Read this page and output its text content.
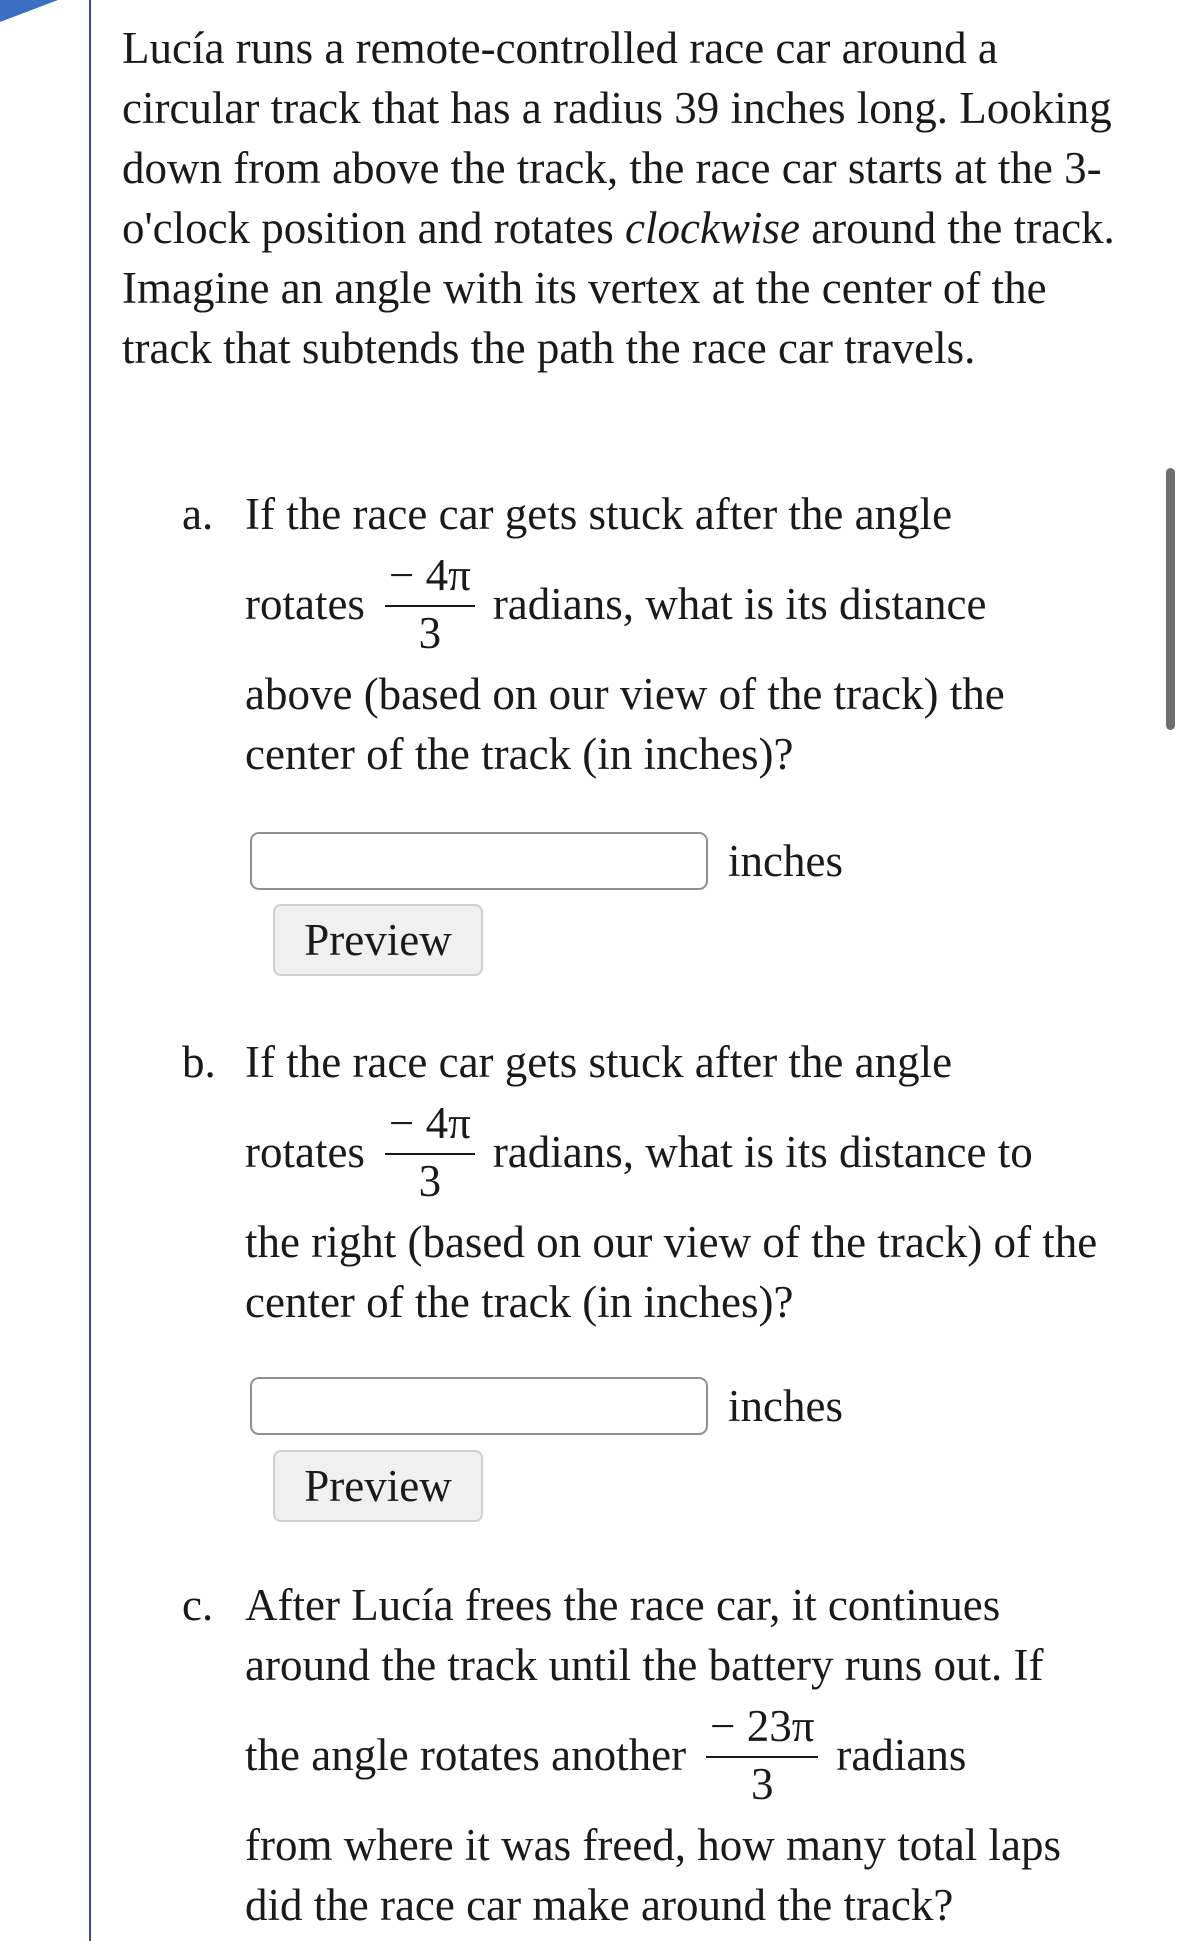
Lucía runs a remote-controlled race car around a circular track that has a radius 39 inches long. Looking down from above the track, the race car starts at the 3-o'clock position and rotates clockwise around the track. Imagine an angle with its vertex at the center of the track that subtends the path the race car travels.

a. If the race car gets stuck after the angle
rotates $\frac{- 4\pi}{3}$ radians, what is its distance
above (based on our view of the track) the center of the track (in inches)?
inches
Preview
b. If the race car gets stuck after the angle
rotates $\frac{- 4\pi}{3}$ radians, what is its distance to
the right (based on our view of the track) of the center of the track (in inches)?
inches
Preview
c. After Lucía frees the race car, it continues around the track until the battery runs out. If
the angle rotates another $\frac{- 23\pi}{3}$ radians
from where it was freed, how many total laps did the race car make around the track?
